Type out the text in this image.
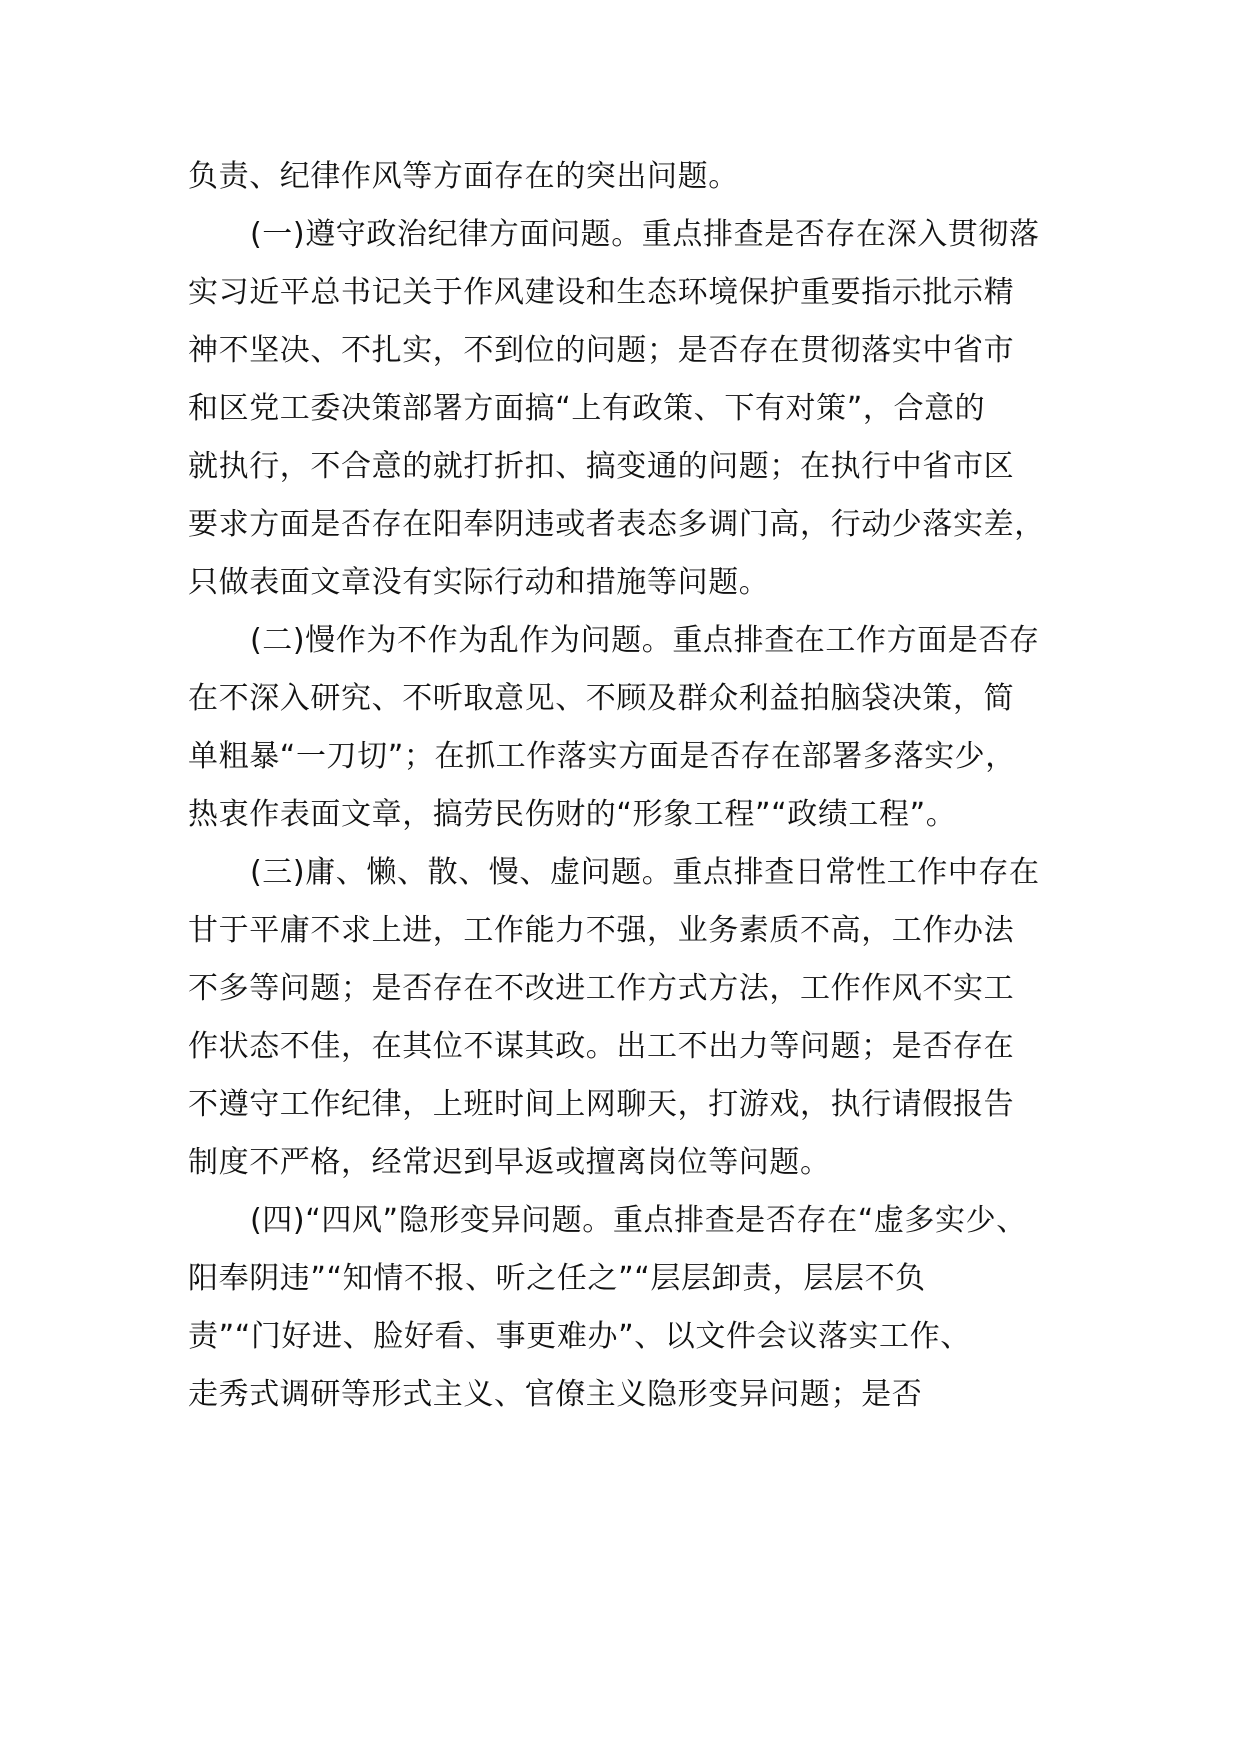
负责、纪律作风等方面存在的突出问题。
(一)遵守政治纪律方面问题。重点排查是否存在深入贯彻落
实习近平总书记关于作风建设和生态环境保护重要指示批示精
神不坚决、不扎实，不到位的问题；是否存在贯彻落实中省市
和区党工委决策部署方面搞“上有政策、下有对策”，合意的
就执行，不合意的就打折扣、搞变通的问题；在执行中省市区
要求方面是否存在阳奉阴违或者表态多调门高，行动少落实差，
只做表面文章没有实际行动和措施等问题。
(二)慢作为不作为乱作为问题。重点排查在工作方面是否存
在不深入研究、不听取意见、不顾及群众利益拍脑袋决策，简
单粗暴“一刀切”；在抓工作落实方面是否存在部署多落实少，
热衷作表面文章，搞劳民伤财的“形象工程”“政绩工程”。
(三)庸、懒、散、慢、虚问题。重点排查日常性工作中存在
甘于平庸不求上进，工作能力不强，业务素质不高，工作办法
不多等问题；是否存在不改进工作方式方法，工作作风不实工
作状态不佳，在其位不谋其政。出工不出力等问题；是否存在
不遵守工作纪律，上班时间上网聊天，打游戏，执行请假报告
制度不严格，经常迟到早返或擅离岗位等问题。
(四)“四风”隐形变异问题。重点排查是否存在“虚多实少、
阳奉阴违”“知情不报、听之任之”“层层卸责，层层不负
责”“门好进、脸好看、事更难办”、以文件会议落实工作、
走秀式调研等形式主义、官僚主义隐形变异问题；是否
